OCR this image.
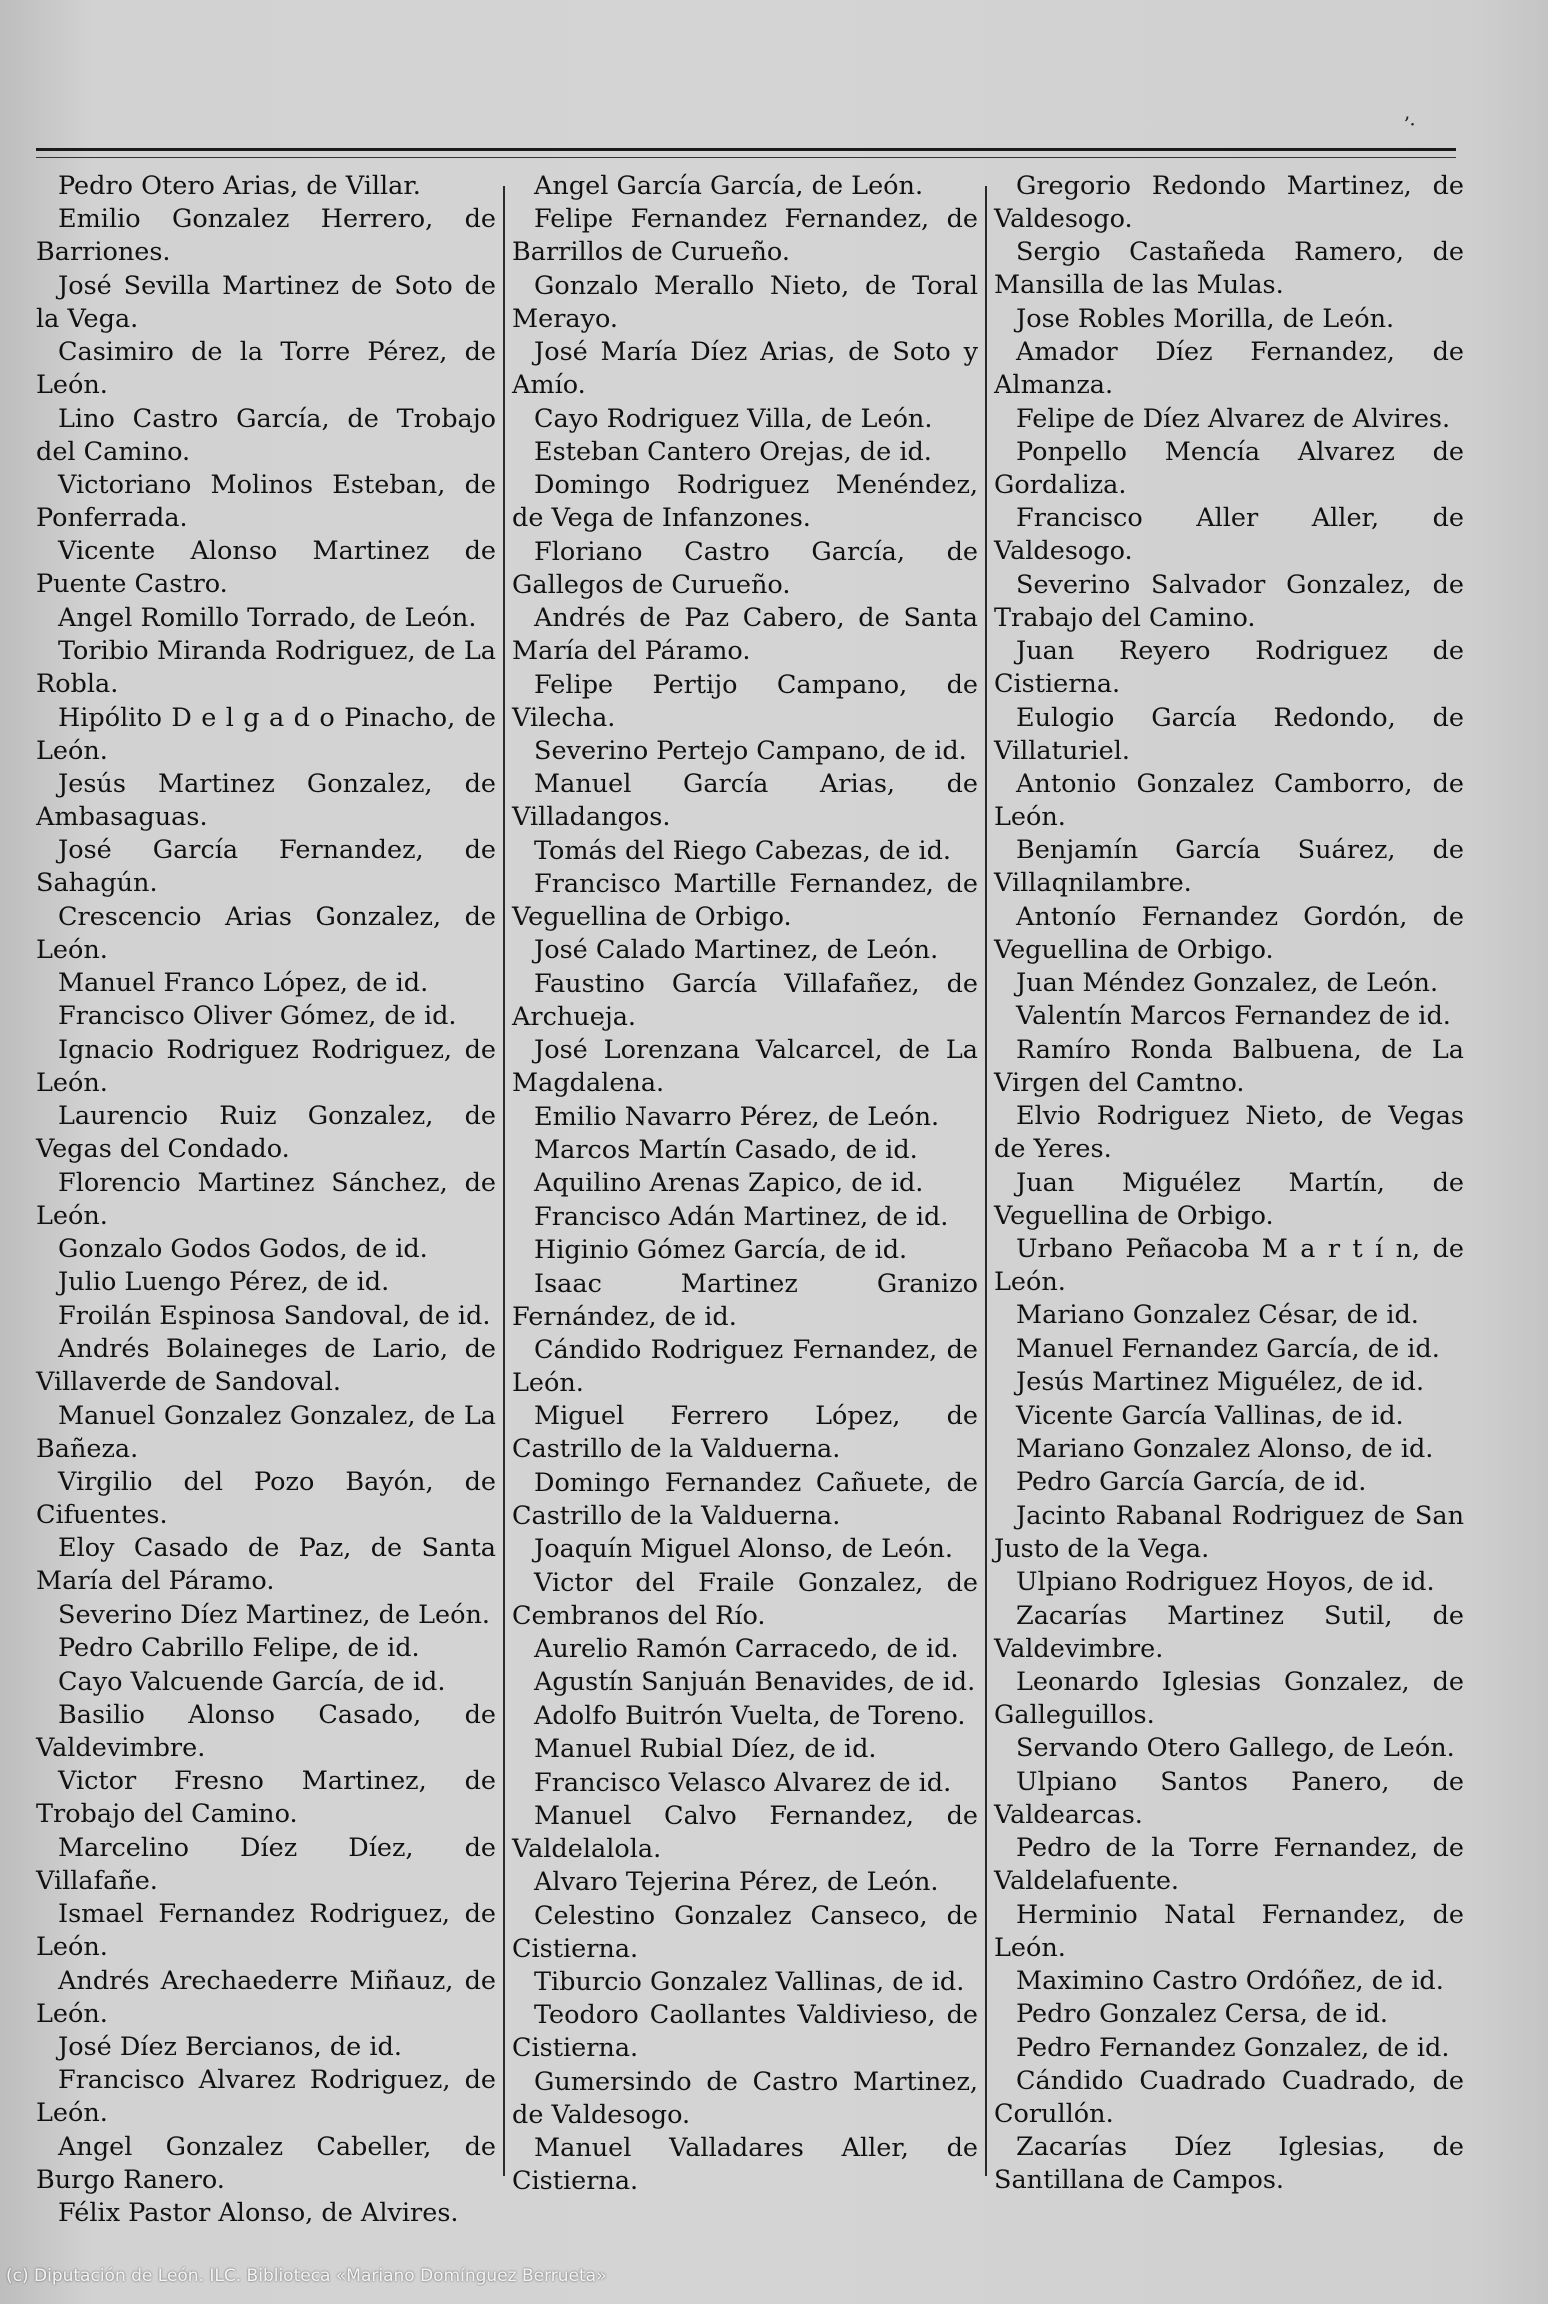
ʼ·

Pedro Otero Arias, de Villar.

Emilio Gonzalez Herrero, de Barriones.

José Sevilla Martinez de Soto de la Vega.

Casimiro de la Torre Pérez, de León.

Lino Castro García, de Trobajo del Camino.

Victoriano Molinos Esteban, de Ponferrada.

Vicente Alonso Martinez de Puente Castro.

Angel Romillo Torrado, de León.

Toribio Miranda Rodriguez, de La Robla.

Hipólito D e l g a d o Pinacho, de León.

Jesús Martinez Gonzalez, de Ambasaguas.

José García Fernandez, de Sahagún.

Crescencio Arias Gonzalez, de León.

Manuel Franco López, de id.

Francisco Oliver Gómez, de id.

Ignacio Rodriguez Rodriguez, de León.

Laurencio Ruiz Gonzalez, de Vegas del Condado.

Florencio Martinez Sánchez, de León.

Gonzalo Godos Godos, de id.

Julio Luengo Pérez, de id.

Froilán Espinosa Sandoval, de id.

Andrés Bolaineges de Lario, de Villaverde de Sandoval.

Manuel Gonzalez Gonzalez, de La Bañeza.

Virgilio del Pozo Bayón, de Cifuentes.

Eloy Casado de Paz, de Santa María del Páramo.

Severino Díez Martinez, de León.

Pedro Cabrillo Felipe, de id.

Cayo Valcuende García, de id.

Basilio Alonso Casado, de Valdevimbre.

Victor Fresno Martinez, de Trobajo del Camino.

Marcelino Díez Díez, de Villafañe.

Ismael Fernandez Rodriguez, de León.

Andrés Arechaederre Miñauz, de León.

José Díez Bercianos, de id.

Francisco Alvarez Rodriguez, de León.

Angel Gonzalez Cabeller, de Burgo Ranero.

Félix Pastor Alonso, de Alvires.

Angel García García, de León.

Felipe Fernandez Fernandez, de Barrillos de Curueño.

Gonzalo Merallo Nieto, de Toral Merayo.

José María Díez Arias, de Soto y Amío.

Cayo Rodriguez Villa, de León.

Esteban Cantero Orejas, de id.

Domingo Rodriguez Menéndez, de Vega de Infanzones.

Floriano Castro García, de Gallegos de Curueño.

Andrés de Paz Cabero, de Santa María del Páramo.

Felipe Pertijo Campano, de Vilecha.

Severino Pertejo Campano, de id.

Manuel García Arias, de Villadangos.

Tomás del Riego Cabezas, de id.

Francisco Martille Fernandez, de Veguellina de Orbigo.

José Calado Martinez, de León.

Faustino García Villafañez, de Archueja.

José Lorenzana Valcarcel, de La Magdalena.

Emilio Navarro Pérez, de León.

Marcos Martín Casado, de id.

Aquilino Arenas Zapico, de id.

Francisco Adán Martinez, de id.

Higinio Gómez García, de id.

Isaac Martinez Granizo Fernández, de id.

Cándido Rodriguez Fernandez, de León.

Miguel Ferrero López, de Castrillo de la Valduerna.

Domingo Fernandez Cañuete, de Castrillo de la Valduerna.

Joaquín Miguel Alonso, de León.

Victor del Fraile Gonzalez, de Cembranos del Río.

Aurelio Ramón Carracedo, de id.

Agustín Sanjuán Benavides, de id.

Adolfo Buitrón Vuelta, de Toreno.

Manuel Rubial Díez, de id.

Francisco Velasco Alvarez de id.

Manuel Calvo Fernandez, de Valdelalola.

Alvaro Tejerina Pérez, de León.

Celestino Gonzalez Canseco, de Cistierna.

Tiburcio Gonzalez Vallinas, de id.

Teodoro Caollantes Valdivieso, de Cistierna.

Gumersindo de Castro Martinez, de Valdesogo.

Manuel Valladares Aller, de Cistierna.

Gregorio Redondo Martinez, de Valdesogo.

Sergio Castañeda Ramero, de Mansilla de las Mulas.

Jose Robles Morilla, de León.

Amador Díez Fernandez, de Almanza.

Felipe de Díez Alvarez de Alvires.

Ponpello Mencía Alvarez de Gordaliza.

Francisco Aller Aller, de Valdesogo.

Severino Salvador Gonzalez, de Trabajo del Camino.

Juan Reyero Rodriguez de Cistierna.

Eulogio García Redondo, de Villaturiel.

Antonio Gonzalez Camborro, de León.

Benjamín García Suárez, de Villaqnilambre.

Antonío Fernandez Gordón, de Veguellina de Orbigo.

Juan Méndez Gonzalez, de León.

Valentín Marcos Fernandez de id.

Ramíro Ronda Balbuena, de La Virgen del Camtno.

Elvio Rodriguez Nieto, de Vegas de Yeres.

Juan Miguélez Martín, de Veguellina de Orbigo.

Urbano Peñacoba M a r t í n, de León.

Mariano Gonzalez César, de id.

Manuel Fernandez García, de id.

Jesús Martinez Miguélez, de id.

Vicente García Vallinas, de id.

Mariano Gonzalez Alonso, de id.

Pedro García García, de id.

Jacinto Rabanal Rodriguez de San Justo de la Vega.

Ulpiano Rodriguez Hoyos, de id.

Zacarías Martinez Sutil, de Valdevimbre.

Leonardo Iglesias Gonzalez, de Galleguillos.

Servando Otero Gallego, de León.

Ulpiano Santos Panero, de Valdearcas.

Pedro de la Torre Fernandez, de Valdelafuente.

Herminio Natal Fernandez, de León.

Maximino Castro Ordóñez, de id.

Pedro Gonzalez Cersa, de id.

Pedro Fernandez Gonzalez, de id.

Cándido Cuadrado Cuadrado, de Corullón.

Zacarías Díez Iglesias, de Santillana de Campos.

(c) Diputación de León. ILC. Biblioteca «Mariano Domínguez Berrueta»
